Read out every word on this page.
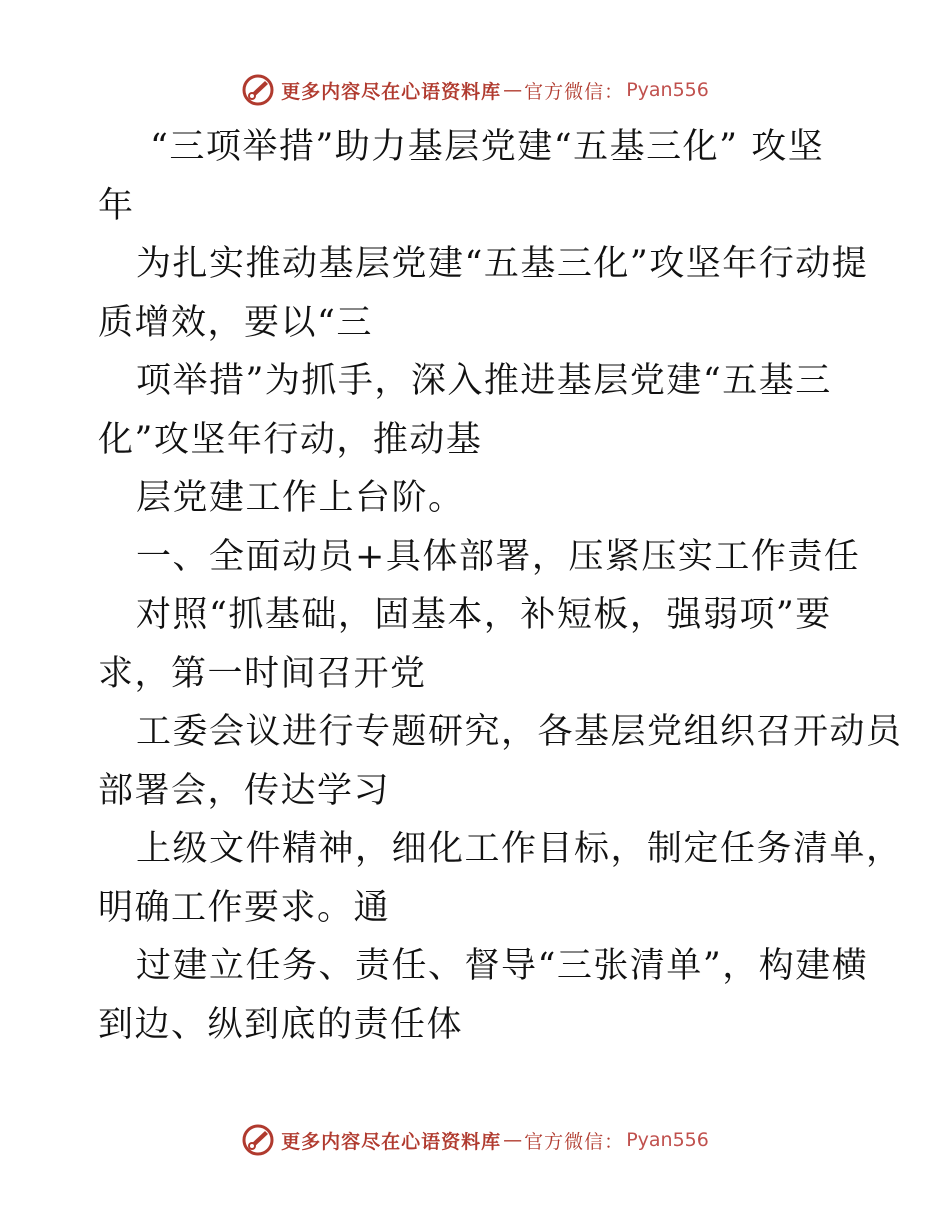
更多内容尽在心语资料库 — 官方微信： Pyan556
“三项举措”助力基层党建“五基三化” 攻坚
年
为扎实推动基层党建“五基三化”攻坚年行动提
质增效，要以“三
项举措”为抓手，深入推进基层党建“五基三
化”攻坚年行动，推动基
层党建工作上台阶。
一、全面动员+具体部署，压紧压实工作责任
对照“抓基础，固基本，补短板，强弱项”要
求，第一时间召开党
工委会议进行专题研究，各基层党组织召开动员
部署会，传达学习
上级文件精神，细化工作目标，制定任务清单，
明确工作要求。通
过建立任务、责任、督导“三张清单”，构建横
到边、纵到底的责任体
更多内容尽在心语资料库 — 官方微信： Pyan556
